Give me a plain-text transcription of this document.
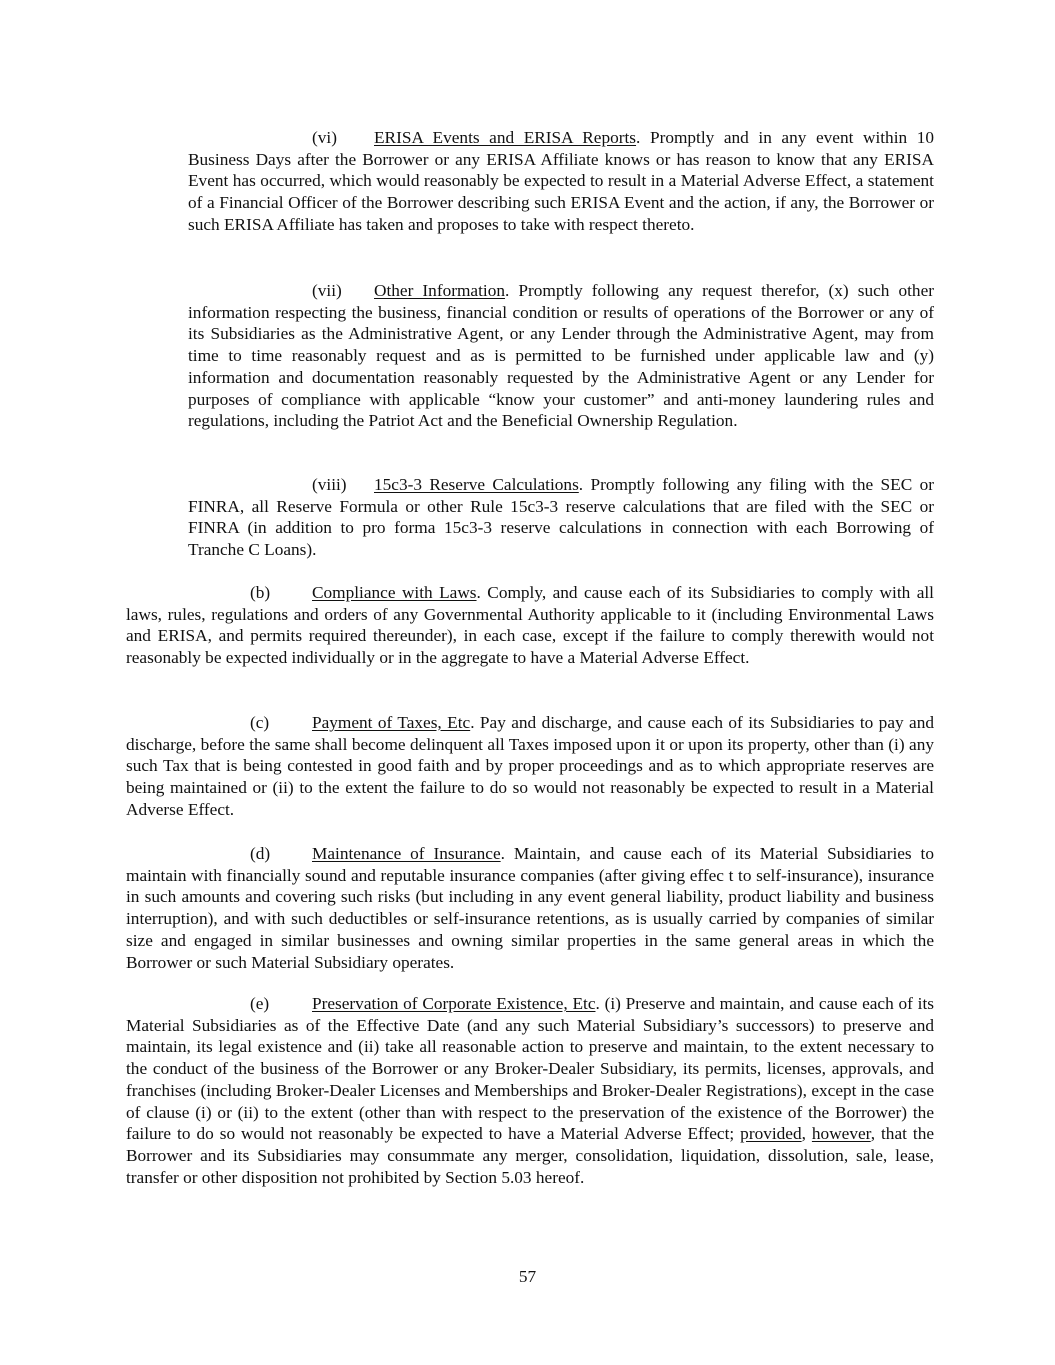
(vi) ERISA Events and ERISA Reports. Promptly and in any event within 10 Business Days after the Borrower or any ERISA Affiliate knows or has reason to know that any ERISA Event has occurred, which would reasonably be expected to result in a Material Adverse Effect, a statement of a Financial Officer of the Borrower describing such ERISA Event and the action, if any, the Borrower or such ERISA Affiliate has taken and proposes to take with respect thereto.

(vii) Other Information. Promptly following any request therefor, (x) such other information respecting the business, financial condition or results of operations of the Borrower or any of its Subsidiaries as the Administrative Agent, or any Lender through the Administrative Agent, may from time to time reasonably request and as is permitted to be furnished under applicable law and (y) information and documentation reasonably requested by the Administrative Agent or any Lender for purposes of compliance with applicable “know your customer” and anti-money laundering rules and regulations, including the Patriot Act and the Beneficial Ownership Regulation.

(viii) 15c3-3 Reserve Calculations. Promptly following any filing with the SEC or FINRA, all Reserve Formula or other Rule 15c3-3 reserve calculations that are filed with the SEC or FINRA (in addition to pro forma 15c3-3 reserve calculations in connection with each Borrowing of Tranche C Loans).

(b) Compliance with Laws. Comply, and cause each of its Subsidiaries to comply with all laws, rules, regulations and orders of any Governmental Authority applicable to it (including Environmental Laws and ERISA, and permits required thereunder), in each case, except if the failure to comply therewith would not reasonably be expected individually or in the aggregate to have a Material Adverse Effect.

(c) Payment of Taxes, Etc. Pay and discharge, and cause each of its Subsidiaries to pay and discharge, before the same shall become delinquent all Taxes imposed upon it or upon its property, other than (i) any such Tax that is being contested in good faith and by proper proceedings and as to which appropriate reserves are being maintained or (ii) to the extent the failure to do so would not reasonably be expected to result in a Material Adverse Effect.

(d) Maintenance of Insurance. Maintain, and cause each of its Material Subsidiaries to maintain with financially sound and reputable insurance companies (after giving effec t to self-insurance), insurance in such amounts and covering such risks (but including in any event general liability, product liability and business interruption), and with such deductibles or self-insurance retentions, as is usually carried by companies of similar size and engaged in similar businesses and owning similar properties in the same general areas in which the Borrower or such Material Subsidiary operates.

(e) Preservation of Corporate Existence, Etc. (i) Preserve and maintain, and cause each of its Material Subsidiaries as of the Effective Date (and any such Material Subsidiary’s successors) to preserve and maintain, its legal existence and (ii) take all reasonable action to preserve and maintain, to the extent necessary to the conduct of the business of the Borrower or any Broker-Dealer Subsidiary, its permits, licenses, approvals, and franchises (including Broker-Dealer Licenses and Memberships and Broker-Dealer Registrations), except in the case of clause (i) or (ii) to the extent (other than with respect to the preservation of the existence of the Borrower) the failure to do so would not reasonably be expected to have a Material Adverse Effect; provided, however, that the Borrower and its Subsidiaries may consummate any merger, consolidation, liquidation, dissolution, sale, lease, transfer or other disposition not prohibited by Section 5.03 hereof.

57
